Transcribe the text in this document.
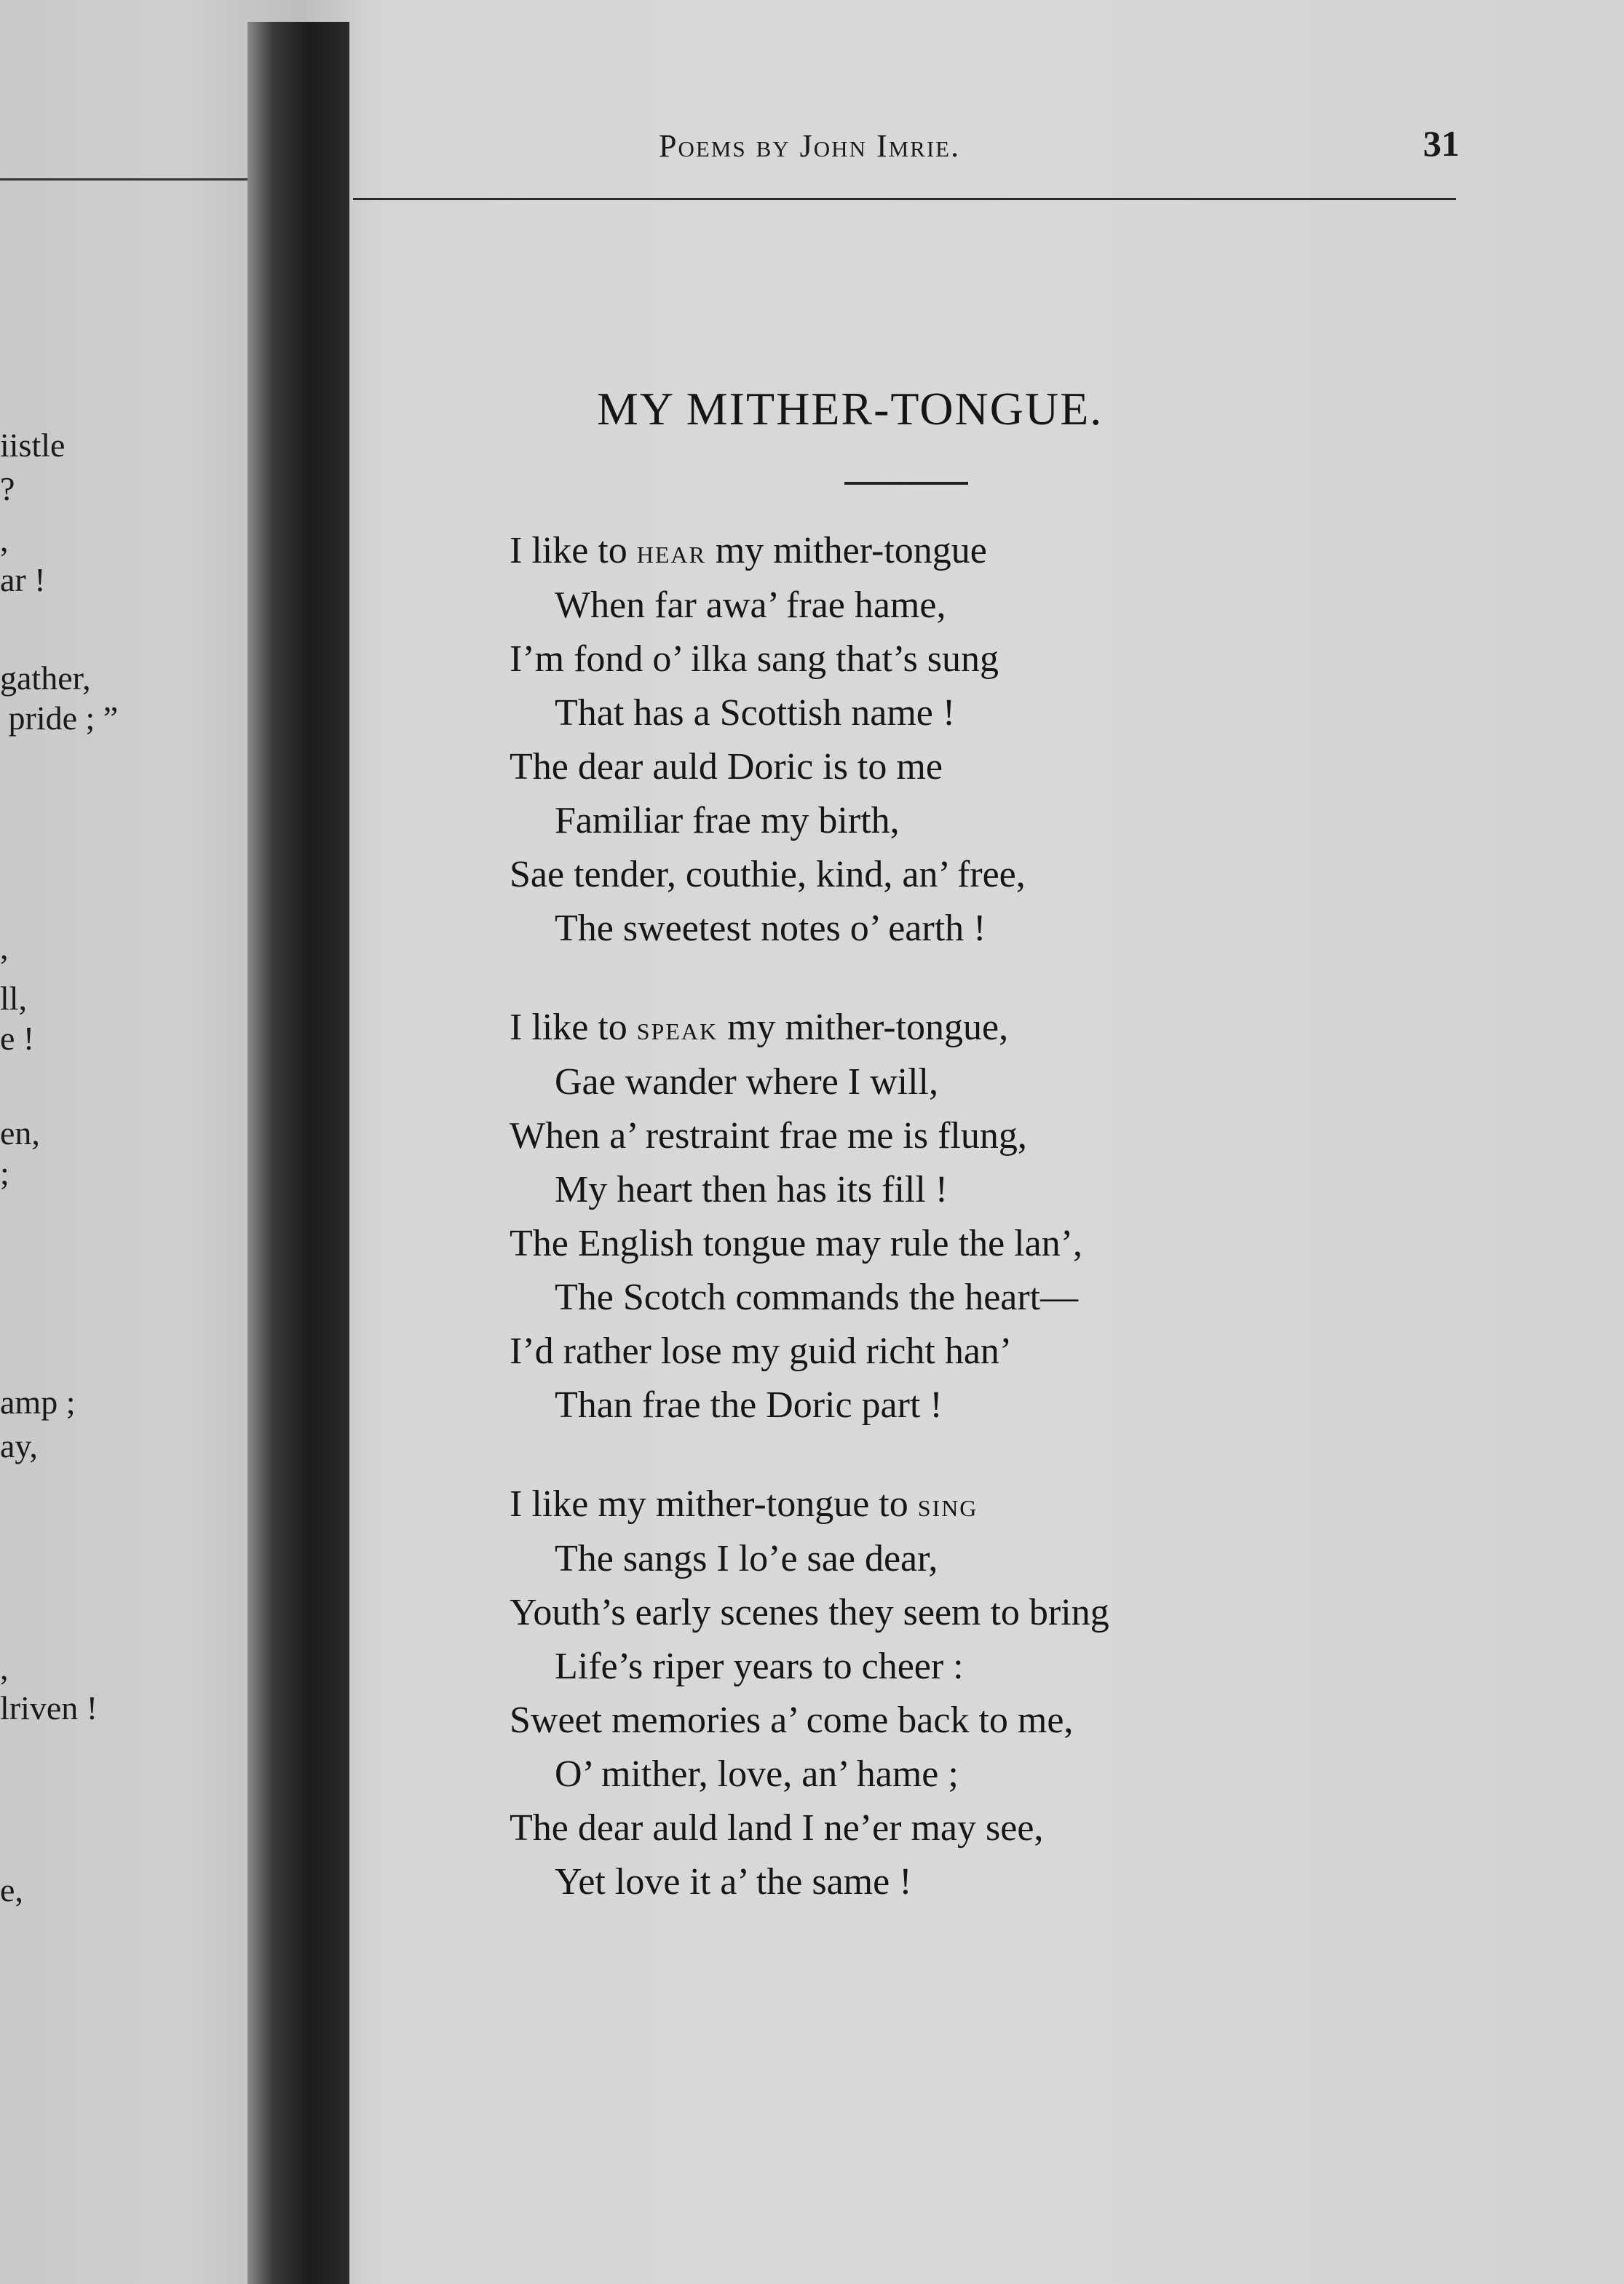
iistle
?
,
ar !
gather,
pride ; ”
,
ll,
e !
en,
;
amp ;
ay,
,
lriven !
e,
Poems by John Imrie.	31
MY MITHER-TONGUE.
I like to hear my mither-tongue
When far awa’ frae hame,
I’m fond o’ ilka sang that’s sung
That has a Scottish name !
The dear auld Doric is to me
Familiar frae my birth,
Sae tender, couthie, kind, an’ free,
The sweetest notes o’ earth !
I like to speak my mither-tongue,
Gae wander where I will,
When a’ restraint frae me is flung,
My heart then has its fill !
The English tongue may rule the lan’,
The Scotch commands the heart—
I’d rather lose my guid richt han’
Than frae the Doric part !
I like my mither-tongue to sing
The sangs I lo’e sae dear,
Youth’s early scenes they seem to bring
Life’s riper years to cheer :
Sweet memories a’ come back to me,
O’ mither, love, an’ hame ;
The dear auld land I ne’er may see,
Yet love it a’ the same !
